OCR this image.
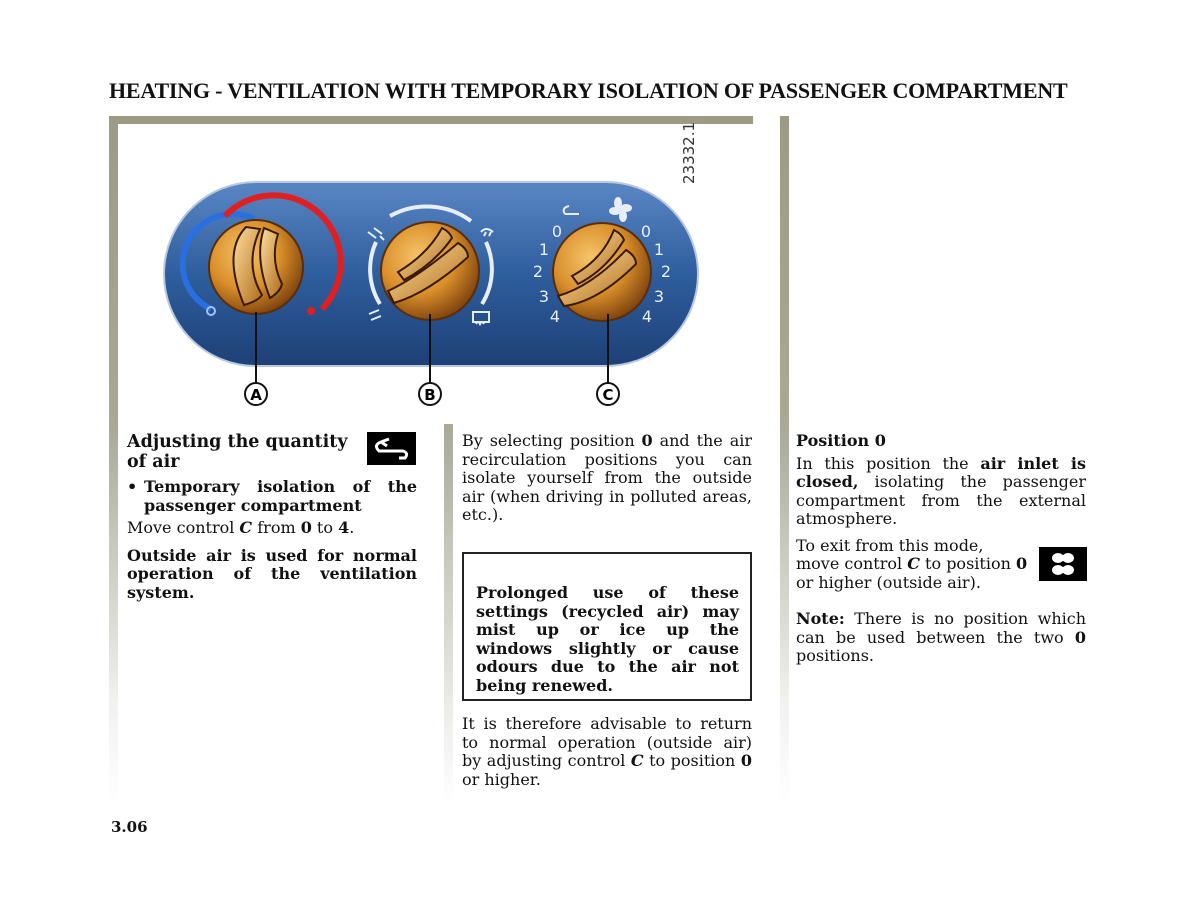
HEATING - VENTILATION WITH TEMPORARY ISOLATION OF PASSENGER COMPARTMENT
0
1
2
3
4
0
1
2
3
4
A	B	C
23332.1
Adjusting the quantity of air
• Temporary isolation of the passenger compartment

Move control C from 0 to 4.

Outside air is used for normal operation of the ventilation system.

By selecting position 0 and the air recirculation positions you can isolate yourself from the outside air (when driving in polluted areas, etc.).

Prolonged use of these settings (recycled air) may mist up or ice up the windows slightly or cause odours due to the air not being renewed.

It is therefore advisable to return to normal operation (outside air) by adjusting control C to position 0 or higher.

Position 0

In this position the air inlet is closed, isolating the passenger compartment from the external atmosphere.

To exit from this mode,

move control C to position 0

or higher (outside air).

Note: There is no position which can be used between the two 0 positions.

3.06
